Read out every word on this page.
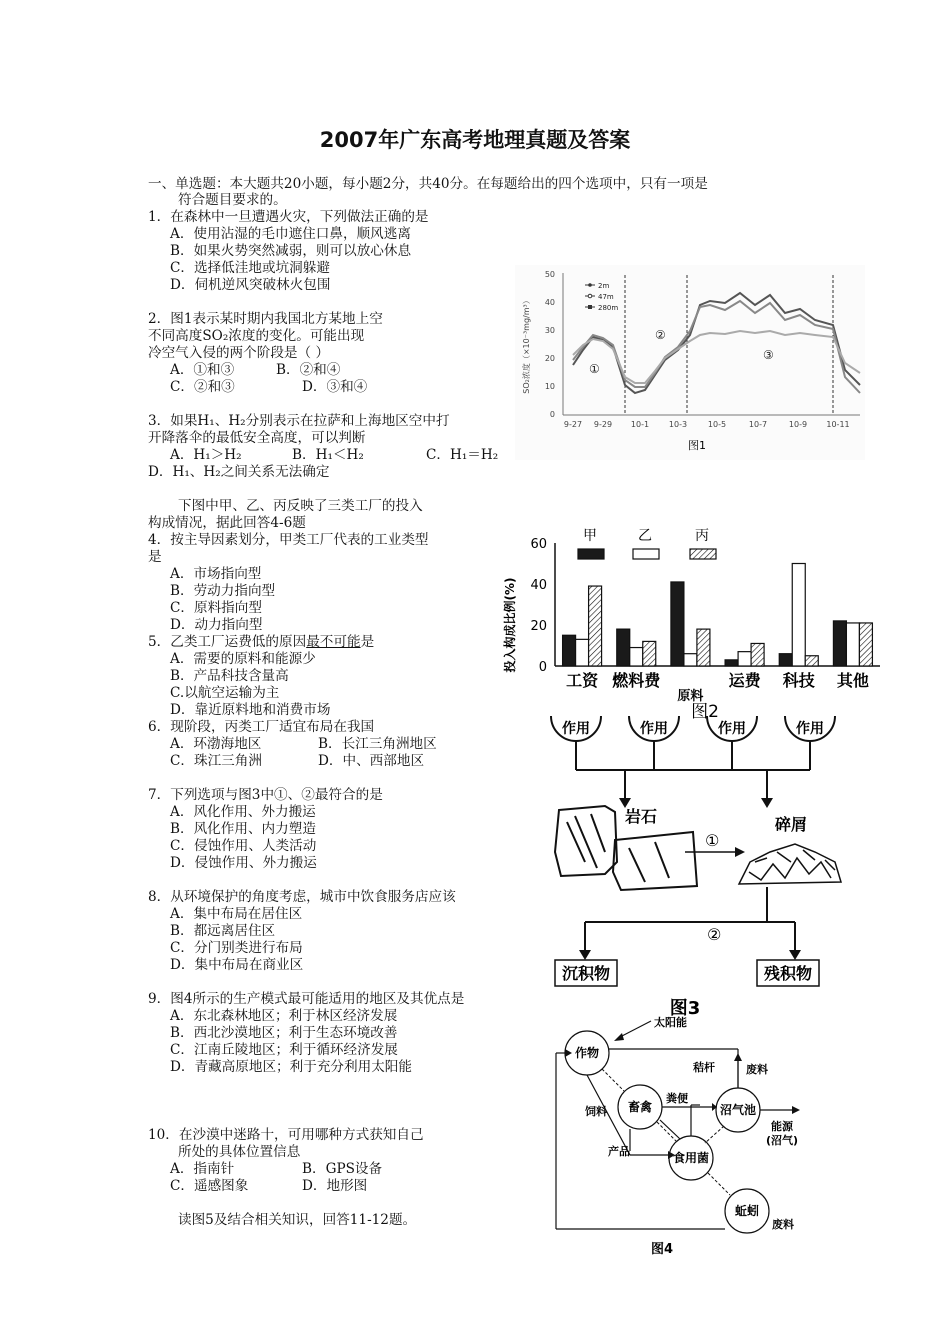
2007年广东高考地理真题及答案
一、单选题：本大题共20小题，每小题2分，共40分。在每题给出的四个选项中，只有一项是
符合题目要求的。
1．在森林中一旦遭遇火灾，下列做法正确的是
A．使用沾湿的毛巾遮住口鼻，顺风逃离
B．如果火势突然减弱，则可以放心休息
C．选择低洼地或坑洞躲避
D．伺机逆风突破林火包围
2．图1表示某时期内我国北方某地上空
不同高度SO₂浓度的变化。可能出现
冷空气入侵的两个阶段是（ ）
A．①和③	B．②和④
C．②和③	D．③和④
3．如果H₁、H₂分别表示在拉萨和上海地区空中打
开降落伞的最低安全高度，可以判断
A．H₁＞H₂	B．H₁＜H₂	C．H₁＝H₂
D．H₁、H₂之间关系无法确定
下图中甲、乙、丙反映了三类工厂的投入
构成情况，据此回答4-6题
4．按主导因素划分，甲类工厂代表的工业类型
是
A．市场指向型
B．劳动力指向型
C．原料指向型
D．动力指向型
5．乙类工厂运费低的原因最不可能是
A．需要的原料和能源少
B．产品科技含量高
C.以航空运输为主
D．靠近原料地和消费市场
6．现阶段，丙类工厂适宜布局在我国
A．环渤海地区	B．长江三角洲地区
C．珠江三角洲	D．中、西部地区
7．下列选项与图3中①、②最符合的是
A．风化作用、外力搬运
B．风化作用、内力塑造
C．侵蚀作用、人类活动
D．侵蚀作用、外力搬运
8．从环境保护的角度考虑，城市中饮食服务店应该
A．集中布局在居住区
B．都远离居住区
C．分门别类进行布局
D．集中布局在商业区
9．图4所示的生产模式最可能适用的地区及其优点是
A．东北森林地区；利于林区经济发展
B．西北沙漠地区；利于生态环境改善
C．江南丘陵地区；利于循环经济发展
D．青藏高原地区；利于充分利用太阳能
10．在沙漠中迷路十，可用哪种方式获知自己
所处的具体位置信息
A．指南针	B．GPS设备
C．遥感图象	D．地形图
读图5及结合相关知识，回答11-12题。
0
10
20
30
40
50
SO₂浓度（×10⁻³mg/m³）
9-27 9-29 10-1 10-3	10-5	10-7	10-9 10-11
2m
47m
280m
①
②
③
图1
投入构成比例(%) 0
20
40
60
工资 燃料费
原料
运费 科技 其他
甲	乙	丙
图2
作用	作用	作用	作用
岩石	碎屑
①
②
沉积物	残积物
图3
作物
畜禽	沼气池
食用菌
蚯蚓
太阳能
秸杆	废料
粪便
饲料
产品
能源
(沼气)
废料
图4
